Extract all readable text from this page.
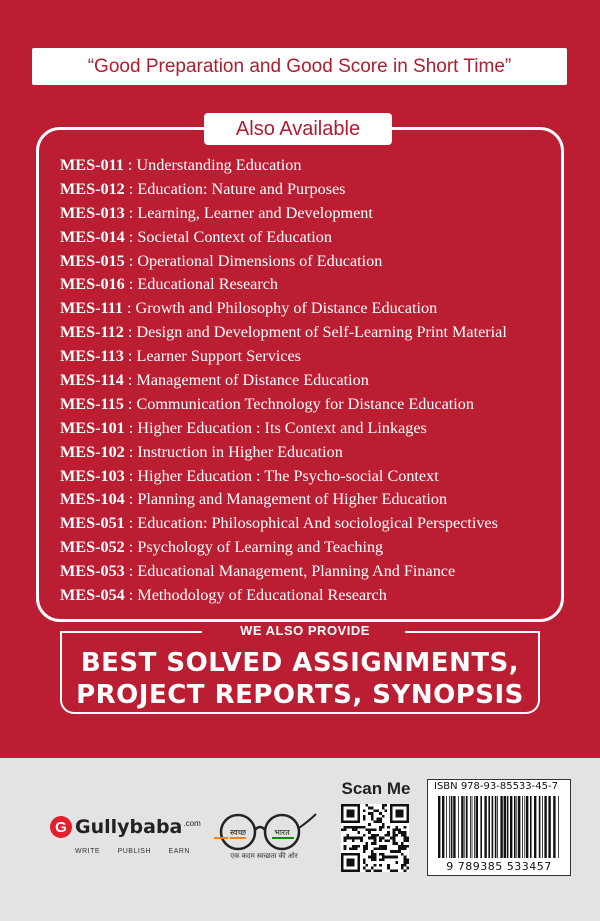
“Good Preparation and Good Score in Short Time”
Also Available
MES-011 : Understanding Education
MES-012 : Education: Nature and Purposes
MES-013 : Learning, Learner and Development
MES-014 : Societal Context of Education
MES-015 : Operational Dimensions of Education
MES-016 : Educational Research
MES-111 : Growth and Philosophy of Distance Education
MES-112 : Design and Development of Self-Learning Print Material
MES-113 : Learner Support Services
MES-114 : Management of Distance Education
MES-115 : Communication Technology for Distance Education
MES-101 : Higher Education : Its Context and Linkages
MES-102 : Instruction in Higher Education
MES-103 : Higher Education : The Psycho-social Context
MES-104 : Planning and Management of Higher Education
MES-051 : Education: Philosophical And sociological Perspectives
MES-052 : Psychology of Learning and Teaching
MES-053 : Educational Management, Planning And Finance
MES-054 : Methodology of Educational Research
WE ALSO PROVIDE
BEST SOLVED ASSIGNMENTS,
PROJECT REPORTS, SYNOPSIS
G Gullybaba .com
WRITE	PUBLISH	EARN
स्वच्छ	भारत
एक कदम स्वच्छता की ओर
Scan Me	ISBN 978-93-85533-45-7
9 789385 533457
